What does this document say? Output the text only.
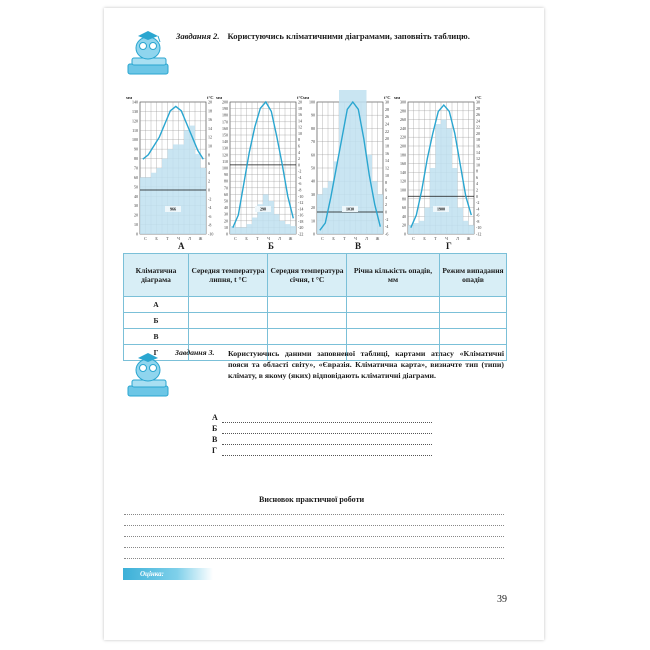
Завдання 2. Користуючись кліматичними діаграмами, заповніть таблицю.
мм	t°C
140
130
120
110
100
90
80
70
60
50
40
30
20
10
0
20
18
16
14
12
10
8
6
4
2
0
-2
-4
-6
-8
-10
966
С Б Т Ч Л Ж
мм	t°C
200
190
180
170
160
150
140
130
120
110
100
90
80
70
60
50
40
30
20
10
0
20
18
16
14
12
10
8
6
4
2
0
-2
-4
-6
-8
-10
-12
-14
-16
-18
-20
-22
298
С Б Т Ч Л Ж
мм	t°C
100
90
80
70
60
50
40
30
20
10
0
30
28
26
24
22
20
18
16
14
12
10
8
6
4
2
0
-2
-4
-6
1030
С Б Т Ч Л Ж
мм	t°C
300
280
260
240
220
200
180
160
140
120
100
80
60
40
20
0
30
28
26
24
22
20
18
16
14
12
10
8
6
4
2
0
-2
-4
-6
-8
-10
-12
1900
С Б Т Ч Л Ж
А	Б	В	Г
Кліматична діаграма	Середня температура липня, t °C	Середня температура січня, t °C	Річна кількість опадів, мм	Режим випадання опадів
А				
Б				
В				
Г				Завдання 3. Користуючись даними заповненої таблиці, картами атласу «Кліматичні пояси та області світу», «Євразія. Кліматична карта», визначте тип (типи) клімату, в якому (яких) відповідають кліматичні діаграми.
А
Б
В
Г
Висновок практичної роботи
Оцінка:
39
